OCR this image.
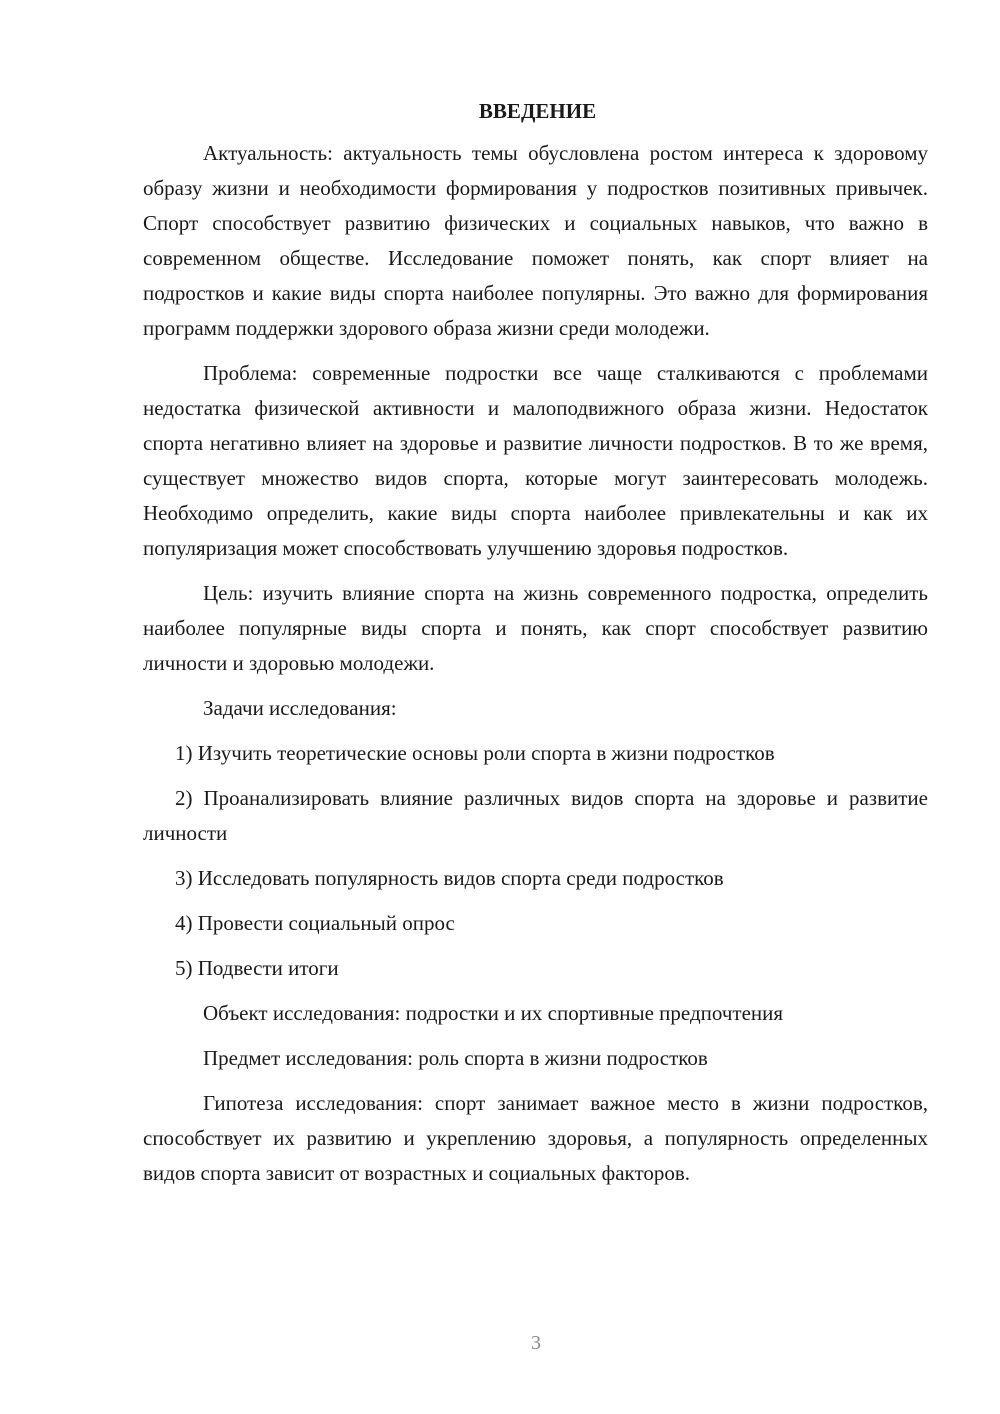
ВВЕДЕНИЕ

Актуальность: актуальность темы обусловлена ростом интереса к здоровому образу жизни и необходимости формирования у подростков позитивных привычек. Спорт способствует развитию физических и социальных навыков, что важно в современном обществе. Исследование поможет понять, как спорт влияет на подростков и какие виды спорта наиболее популярны. Это важно для формирования программ поддержки здорового образа жизни среди молодежи.

Проблема: современные подростки все чаще сталкиваются с проблемами недостатка физической активности и малоподвижного образа жизни. Недостаток спорта негативно влияет на здоровье и развитие личности подростков. В то же время, существует множество видов спорта, которые могут заинтересовать молодежь. Необходимо определить, какие виды спорта наиболее привлекательны и как их популяризация может способствовать улучшению здоровья подростков.

Цель: изучить влияние спорта на жизнь современного подростка, определить наиболее популярные виды спорта и понять, как спорт способствует развитию личности и здоровью молодежи.

Задачи исследования:

1) Изучить теоретические основы роли спорта в жизни подростков

2) Проанализировать влияние различных видов спорта на здоровье и развитие личности

3) Исследовать популярность видов спорта среди подростков

4) Провести социальный опрос

5) Подвести итоги

Объект исследования: подростки и их спортивные предпочтения

Предмет исследования: роль спорта в жизни подростков

Гипотеза исследования: спорт занимает важное место в жизни подростков, способствует их развитию и укреплению здоровья, а популярность определенных видов спорта зависит от возрастных и социальных факторов.

3
